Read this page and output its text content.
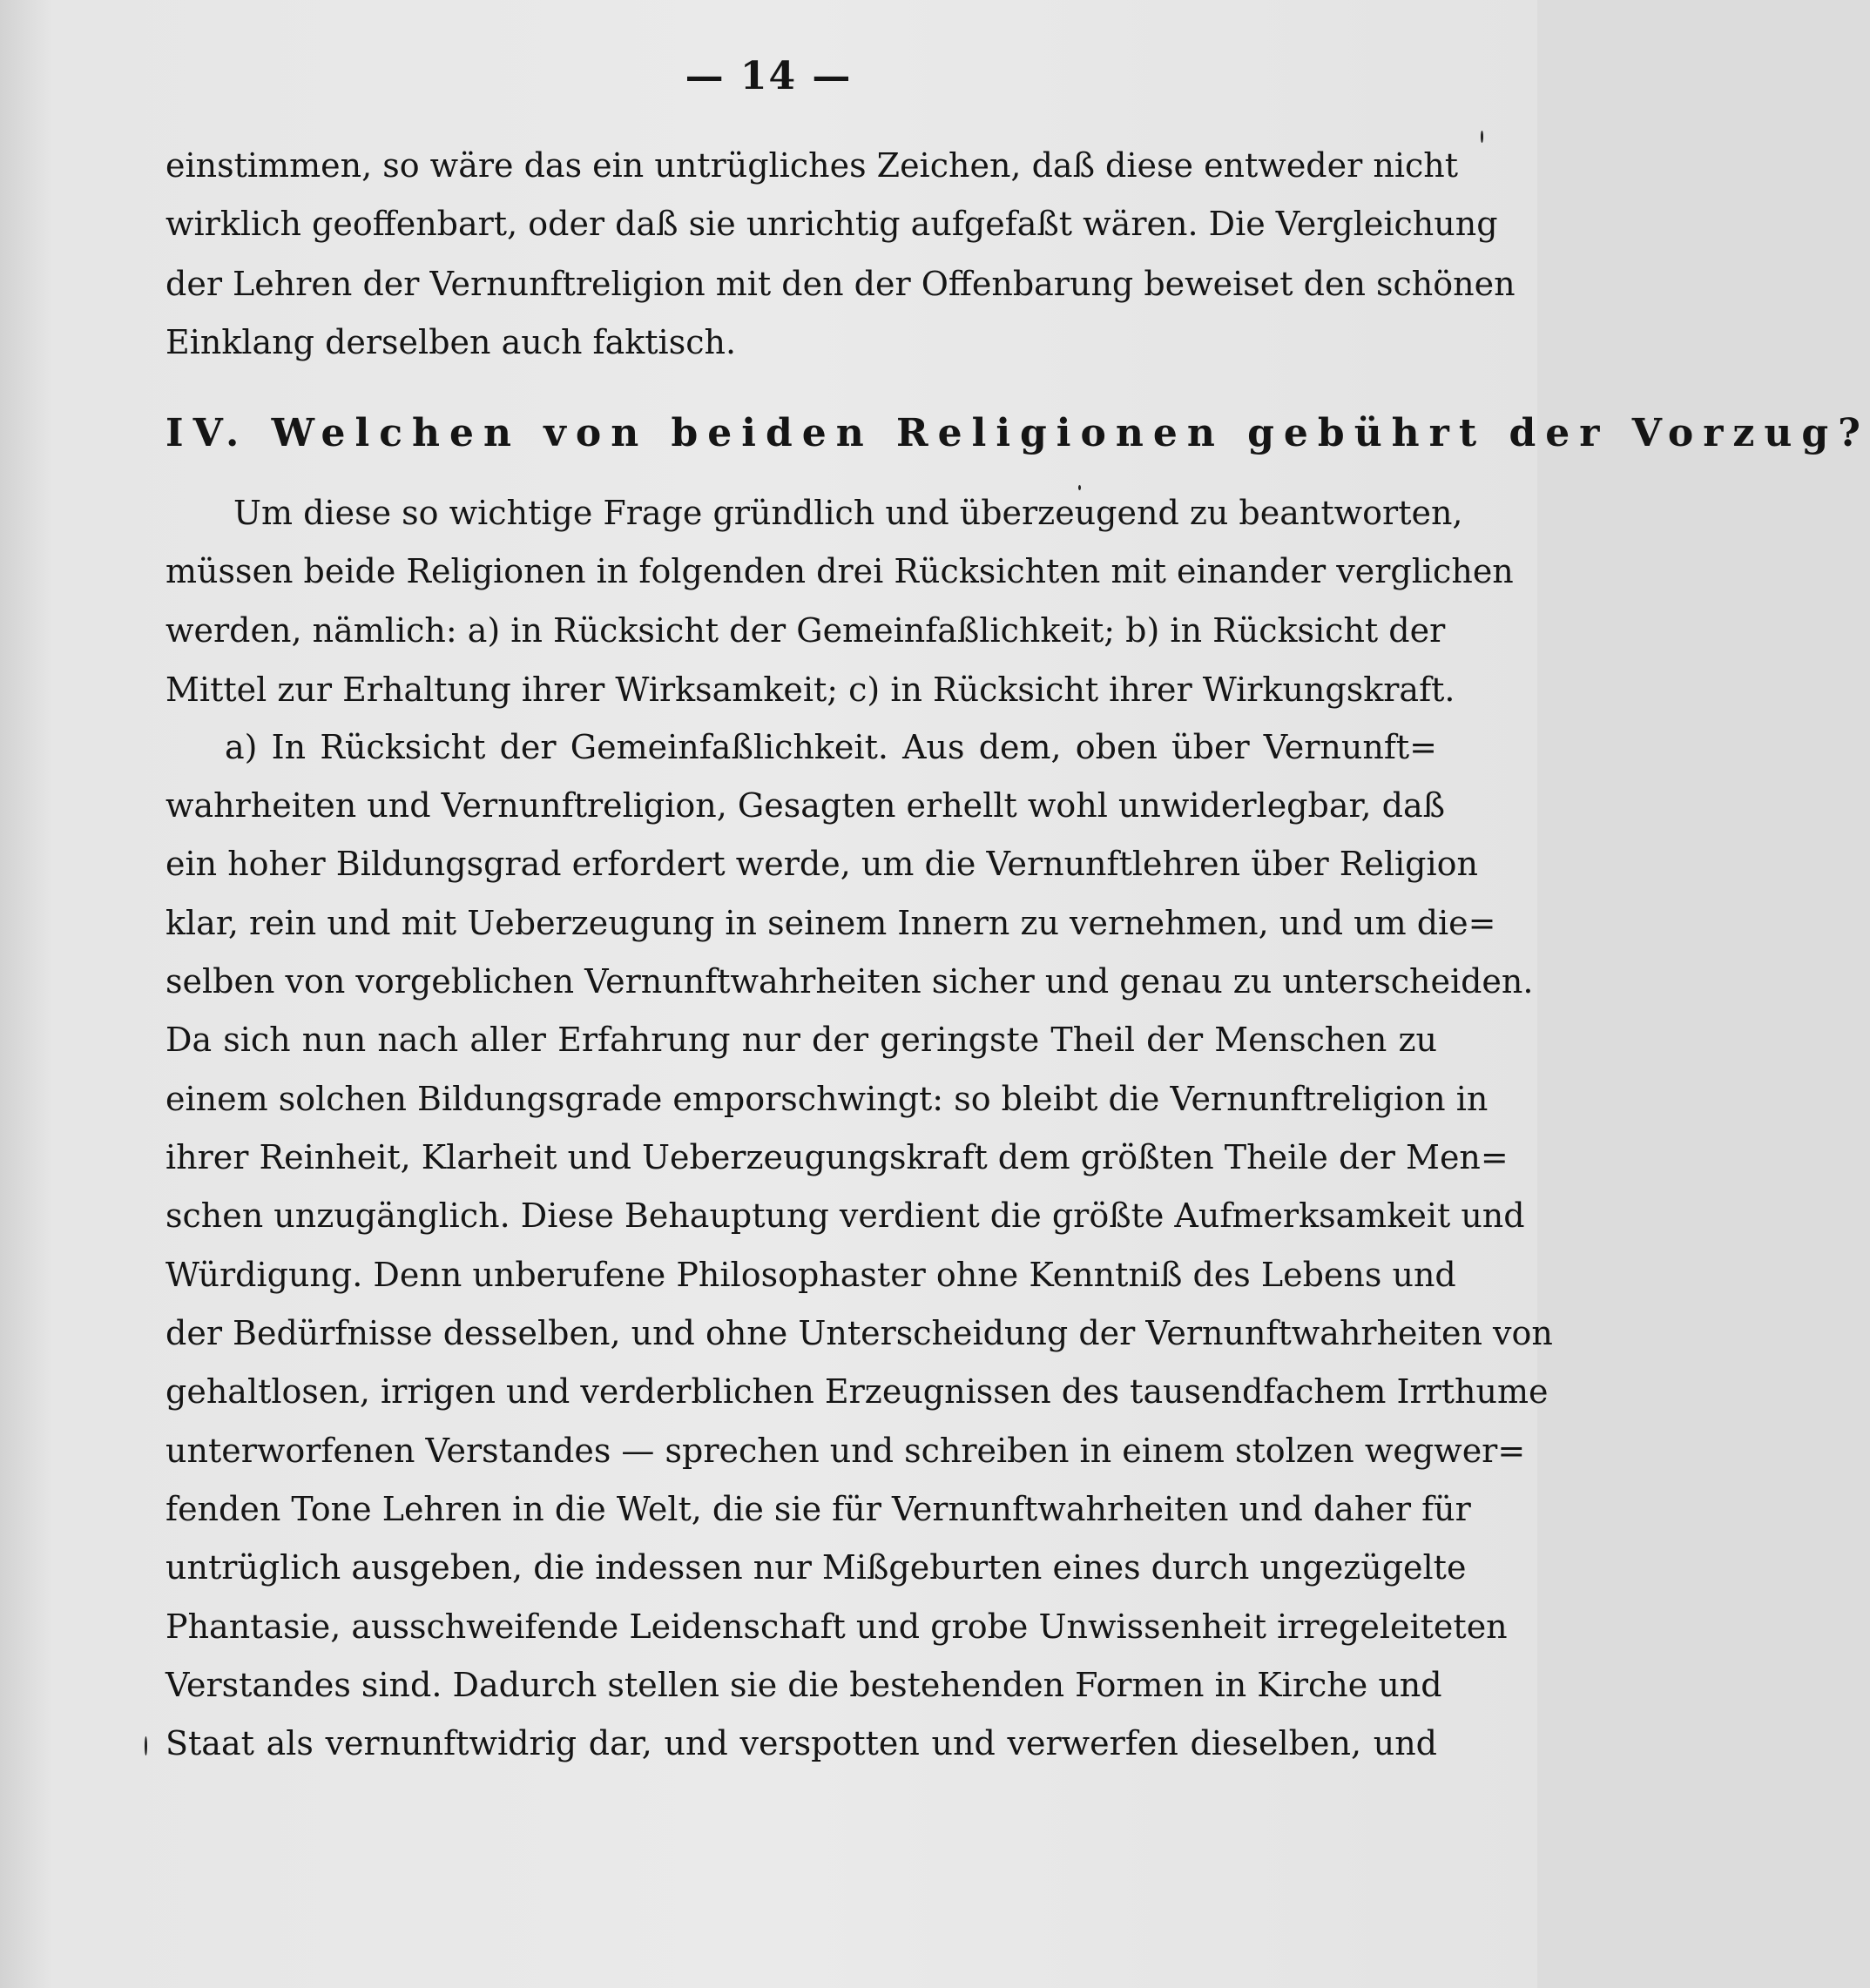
— 14 —
einstimmen, so wäre das ein untrügliches Zeichen, daß diese entweder nicht
wirklich geoffenbart, oder daß sie unrichtig aufgefaßt wären. Die Vergleichung
der Lehren der Vernunftreligion mit den der Offenbarung beweiset den schönen
Einklang derselben auch faktisch.
IV. Welchen von beiden Religionen gebührt der Vorzug?
Um diese so wichtige Frage gründlich und überzeugend zu beantworten,
müssen beide Religionen in folgenden drei Rücksichten mit einander verglichen
werden, nämlich: a) in Rücksicht der Gemeinfaßlichkeit; b) in Rücksicht der
Mittel zur Erhaltung ihrer Wirksamkeit; c) in Rücksicht ihrer Wirkungskraft.
a) In Rücksicht der Gemeinfaßlichkeit. Aus dem, oben über Vernunft=
wahrheiten und Vernunftreligion, Gesagten erhellt wohl unwiderlegbar, daß
ein hoher Bildungsgrad erfordert werde, um die Vernunftlehren über Religion
klar, rein und mit Ueberzeugung in seinem Innern zu vernehmen, und um die=
selben von vorgeblichen Vernunftwahrheiten sicher und genau zu unterscheiden.
Da sich nun nach aller Erfahrung nur der geringste Theil der Menschen zu
einem solchen Bildungsgrade emporschwingt: so bleibt die Vernunftreligion in
ihrer Reinheit, Klarheit und Ueberzeugungskraft dem größten Theile der Men=
schen unzugänglich. Diese Behauptung verdient die größte Aufmerksamkeit und
Würdigung. Denn unberufene Philosophaster ohne Kenntniß des Lebens und
der Bedürfnisse desselben, und ohne Unterscheidung der Vernunftwahrheiten von
gehaltlosen, irrigen und verderblichen Erzeugnissen des tausendfachem Irrthume
unterworfenen Verstandes — sprechen und schreiben in einem stolzen wegwer=
fenden Tone Lehren in die Welt, die sie für Vernunftwahrheiten und daher für
untrüglich ausgeben, die indessen nur Mißgeburten eines durch ungezügelte
Phantasie, ausschweifende Leidenschaft und grobe Unwissenheit irregeleiteten
Verstandes sind. Dadurch stellen sie die bestehenden Formen in Kirche und
Staat als vernunftwidrig dar, und verspotten und verwerfen dieselben, und
